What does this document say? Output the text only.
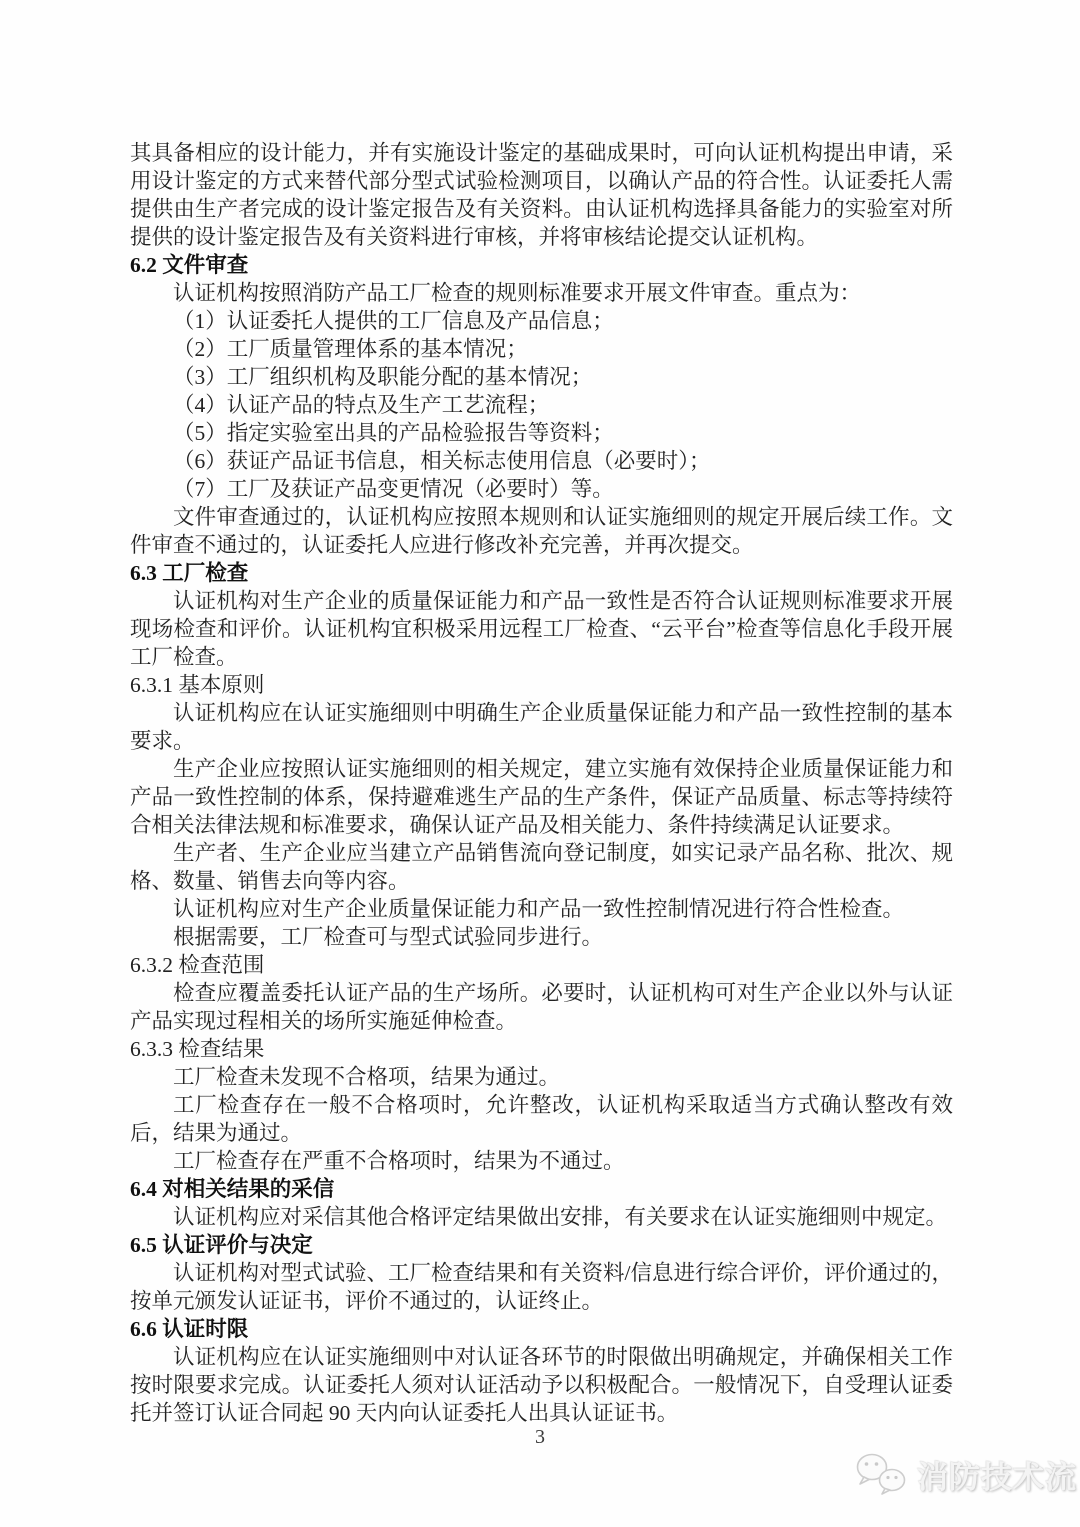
其具备相应的设计能力，并有实施设计鉴定的基础成果时，可向认证机构提出申请，采用设计鉴定的方式来替代部分型式试验检测项目，以确认产品的符合性。认证委托人需提供由生产者完成的设计鉴定报告及有关资料。由认证机构选择具备能力的实验室对所提供的设计鉴定报告及有关资料进行审核，并将审核结论提交认证机构。
6.2 文件审查
认证机构按照消防产品工厂检查的规则标准要求开展文件审查。重点为：
（1）认证委托人提供的工厂信息及产品信息；
（2）工厂质量管理体系的基本情况；
（3）工厂组织机构及职能分配的基本情况；
（4）认证产品的特点及生产工艺流程；
（5）指定实验室出具的产品检验报告等资料；
（6）获证产品证书信息，相关标志使用信息（必要时）；
（7）工厂及获证产品变更情况（必要时）等。
文件审查通过的，认证机构应按照本规则和认证实施细则的规定开展后续工作。文件审查不通过的，认证委托人应进行修改补充完善，并再次提交。
6.3 工厂检查
认证机构对生产企业的质量保证能力和产品一致性是否符合认证规则标准要求开展现场检查和评价。认证机构宜积极采用远程工厂检查、“云平台”检查等信息化手段开展工厂检查。
6.3.1 基本原则
认证机构应在认证实施细则中明确生产企业质量保证能力和产品一致性控制的基本要求。
生产企业应按照认证实施细则的相关规定，建立实施有效保持企业质量保证能力和产品一致性控制的体系，保持避难逃生产品的生产条件，保证产品质量、标志等持续符合相关法律法规和标准要求，确保认证产品及相关能力、条件持续满足认证要求。
生产者、生产企业应当建立产品销售流向登记制度，如实记录产品名称、批次、规格、数量、销售去向等内容。
认证机构应对生产企业质量保证能力和产品一致性控制情况进行符合性检查。
根据需要，工厂检查可与型式试验同步进行。
6.3.2 检查范围
检查应覆盖委托认证产品的生产场所。必要时，认证机构可对生产企业以外与认证产品实现过程相关的场所实施延伸检查。
6.3.3 检查结果
工厂检查未发现不合格项，结果为通过。
工厂检查存在一般不合格项时，允许整改，认证机构采取适当方式确认整改有效后，结果为通过。
工厂检查存在严重不合格项时，结果为不通过。
6.4 对相关结果的采信
认证机构应对采信其他合格评定结果做出安排，有关要求在认证实施细则中规定。
6.5 认证评价与决定
认证机构对型式试验、工厂检查结果和有关资料/信息进行综合评价，评价通过的，按单元颁发认证证书，评价不通过的，认证终止。
6.6 认证时限
认证机构应在认证实施细则中对认证各环节的时限做出明确规定，并确保相关工作按时限要求完成。认证委托人须对认证活动予以积极配合。一般情况下，自受理认证委托并签订认证合同起 90 天内向认证委托人出具认证证书。
3
消防技术流
